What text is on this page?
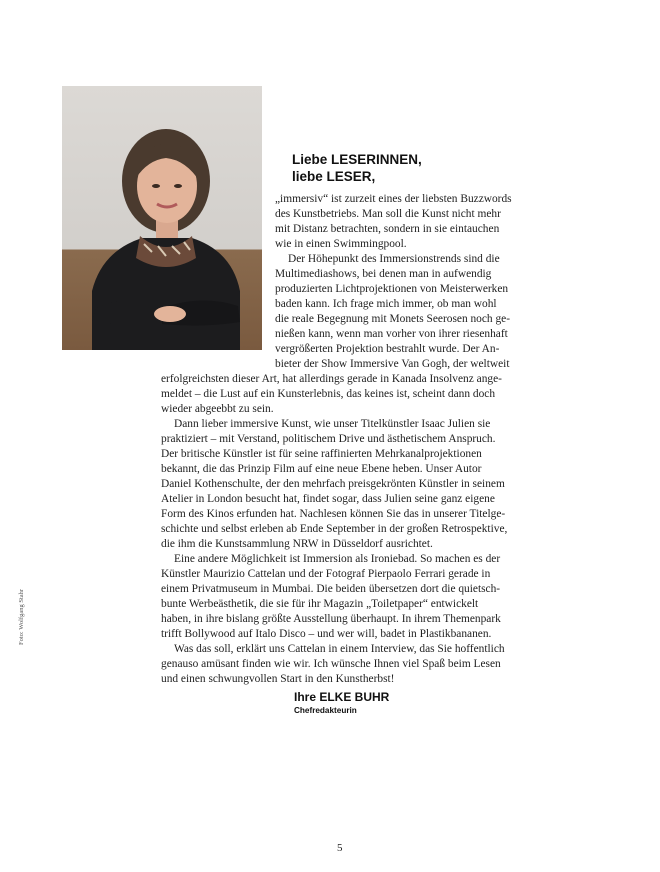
Foto: Wolfgang Stahr
Liebe LESERINNEN,
liebe LESER,
„immersiv“ ist zurzeit eines der liebsten Buzzwords
des Kunstbetriebs. Man soll die Kunst nicht mehr
mit Distanz betrachten, sondern in sie eintauchen
wie in einen Swimmingpool.
Der Höhepunkt des Immersionstrends sind die
Multimediashows, bei denen man in aufwendig
produzierten Lichtprojektionen von Meisterwerken
baden kann. Ich frage mich immer, ob man wohl
die reale Begegnung mit Monets Seerosen noch ge-
nießen kann, wenn man vorher von ihrer riesenhaft
vergrößerten Projektion bestrahlt wurde. Der An-
bieter der Show Immersive Van Gogh, der weltweit
erfolgreichsten dieser Art, hat allerdings gerade in Kanada Insolvenz ange-
meldet – die Lust auf ein Kunsterlebnis, das keines ist, scheint dann doch
wieder abgeebbt zu sein.
Dann lieber immersive Kunst, wie unser Titelkünstler Isaac Julien sie
praktiziert – mit Verstand, politischem Drive und ästhetischem Anspruch.
Der britische Künstler ist für seine raffinierten Mehrkanalprojektionen
bekannt, die das Prinzip Film auf eine neue Ebene heben. Unser Autor
Daniel Kothenschulte, der den mehrfach preisgekrönten Künstler in seinem
Atelier in London besucht hat, findet sogar, dass Julien seine ganz eigene
Form des Kinos erfunden hat. Nachlesen können Sie das in unserer Titelge-
schichte und selbst erleben ab Ende September in der großen Retrospektive,
die ihm die Kunstsammlung NRW in Düsseldorf ausrichtet.
Eine andere Möglichkeit ist Immersion als Ironiebad. So machen es der
Künstler Maurizio Cattelan und der Fotograf Pierpaolo Ferrari gerade in
einem Privatmuseum in Mumbai. Die beiden übersetzen dort die quietsch-
bunte Werbeästhetik, die sie für ihr Magazin „Toiletpaper“ entwickelt
haben, in ihre bislang größte Ausstellung überhaupt. In ihrem Themenpark
trifft Bollywood auf Italo Disco – und wer will, badet in Plastikbananen.
Was das soll, erklärt uns Cattelan in einem Interview, das Sie hoffentlich
genauso amüsant finden wie wir. Ich wünsche Ihnen viel Spaß beim Lesen
und einen schwungvollen Start in den Kunstherbst!
Ihre ELKE BUHR
Chefredakteurin
5
